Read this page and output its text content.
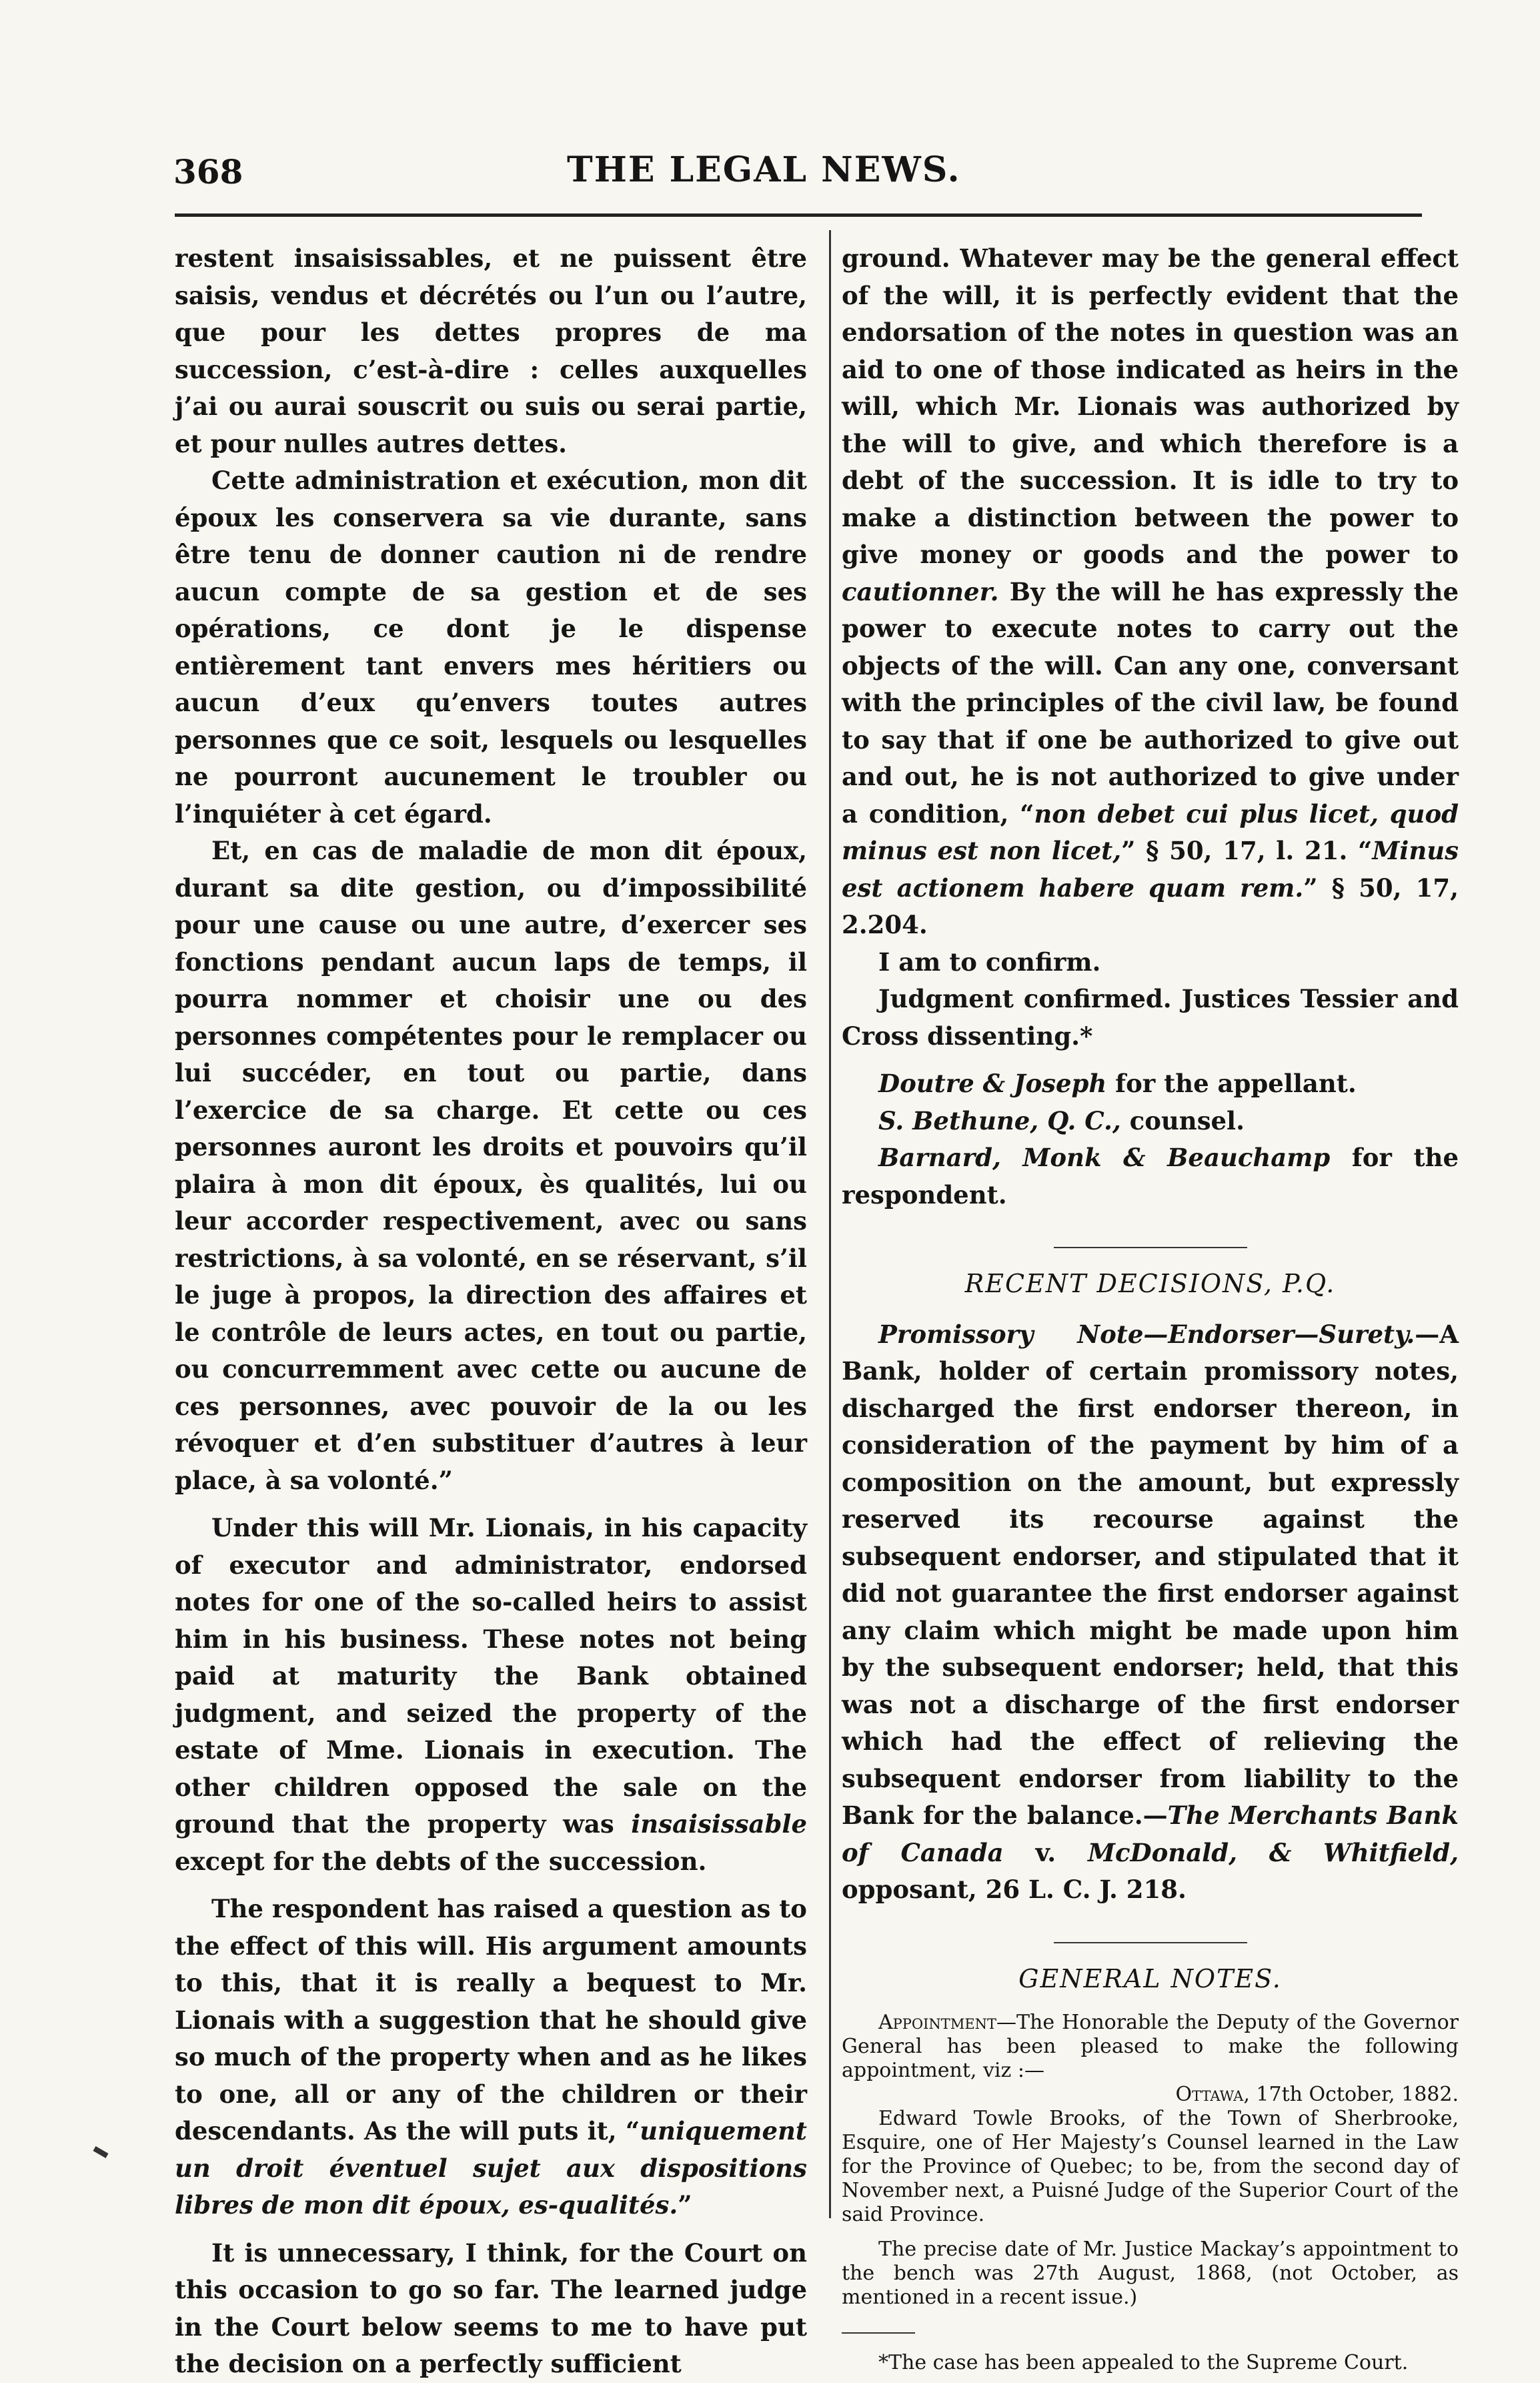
368	THE LEGAL NEWS.

restent insaisissables, et ne puissent être saisis, vendus et décrétés ou l’un ou l’autre, que pour les dettes propres de ma succession, c’est-à-dire : celles auxquelles j’ai ou aurai souscrit ou suis ou serai partie, et pour nulles autres dettes.

Cette administration et exécution, mon dit époux les conservera sa vie durante, sans être tenu de donner caution ni de rendre aucun compte de sa gestion et de ses opérations, ce dont je le dispense entièrement tant envers mes héritiers ou aucun d’eux qu’envers toutes autres personnes que ce soit, lesquels ou lesquelles ne pourront aucunement le troubler ou l’inquiéter à cet égard.

Et, en cas de maladie de mon dit époux, durant sa dite gestion, ou d’impossibilité pour une cause ou une autre, d’exercer ses fonctions pendant aucun laps de temps, il pourra nommer et choisir une ou des personnes compétentes pour le remplacer ou lui succéder, en tout ou partie, dans l’exercice de sa charge. Et cette ou ces personnes auront les droits et pouvoirs qu’il plaira à mon dit époux, ès qualités, lui ou leur accorder respectivement, avec ou sans restrictions, à sa volonté, en se réservant, s’il le juge à propos, la direction des affaires et le contrôle de leurs actes, en tout ou partie, ou concurremment avec cette ou aucune de ces personnes, avec pouvoir de la ou les révoquer et d’en substituer d’autres à leur place, à sa volonté.”

Under this will Mr. Lionais, in his capacity of executor and administrator, endorsed notes for one of the so-called heirs to assist him in his business. These notes not being paid at maturity the Bank obtained judgment, and seized the property of the estate of Mme. Lionais in execution. The other children opposed the sale on the ground that the property was insaisissable except for the debts of the succession.

The respondent has raised a question as to the effect of this will. His argument amounts to this, that it is really a bequest to Mr. Lionais with a suggestion that he should give so much of the property when and as he likes to one, all or any of the children or their descendants. As the will puts it, “uniquement un droit éventuel sujet aux dispositions libres de mon dit époux, es-qualités.”

It is unnecessary, I think, for the Court on this occasion to go so far. The learned judge in the Court below seems to me to have put the decision on a perfectly sufficient

ground. Whatever may be the general effect of the will, it is perfectly evident that the endorsation of the notes in question was an aid to one of those indicated as heirs in the will, which Mr. Lionais was authorized by the will to give, and which therefore is a debt of the succession. It is idle to try to make a distinction between the power to give money or goods and the power to cautionner. By the will he has expressly the power to execute notes to carry out the objects of the will. Can any one, conversant with the principles of the civil law, be found to say that if one be authorized to give out and out, he is not authorized to give under a condition, “non debet cui plus licet, quod minus est non licet,” § 50, 17, l. 21. “Minus est actionem habere quam rem.” § 50, 17, 2.204.

I am to confirm.

Judgment confirmed. Justices Tessier and Cross dissenting.*

Doutre & Joseph for the appellant.

S. Bethune, Q. C., counsel.

Barnard, Monk & Beauchamp for the respondent.

RECENT DECISIONS, P.Q.

Promissory Note—Endorser—Surety.—A Bank, holder of certain promissory notes, discharged the first endorser thereon, in consideration of the payment by him of a composition on the amount, but expressly reserved its recourse against the subsequent endorser, and stipulated that it did not guarantee the first endorser against any claim which might be made upon him by the subsequent endorser; held, that this was not a discharge of the first endorser which had the effect of relieving the subsequent endorser from liability to the Bank for the balance.—The Merchants Bank of Canada v. McDonald, & Whitfield, opposant, 26 L. C. J. 218.

GENERAL NOTES.

Appointment—The Honorable the Deputy of the Governor General has been pleased to make the following appointment, viz :—

Ottawa, 17th October, 1882.

Edward Towle Brooks, of the Town of Sherbrooke, Esquire, one of Her Majesty’s Counsel learned in the Law for the Province of Quebec; to be, from the second day of November next, a Puisné Judge of the Superior Court of the said Province.

The precise date of Mr. Justice Mackay’s appointment to the bench was 27th August, 1868, (not October, as mentioned in a recent issue.)

*The case has been appealed to the Supreme Court.
